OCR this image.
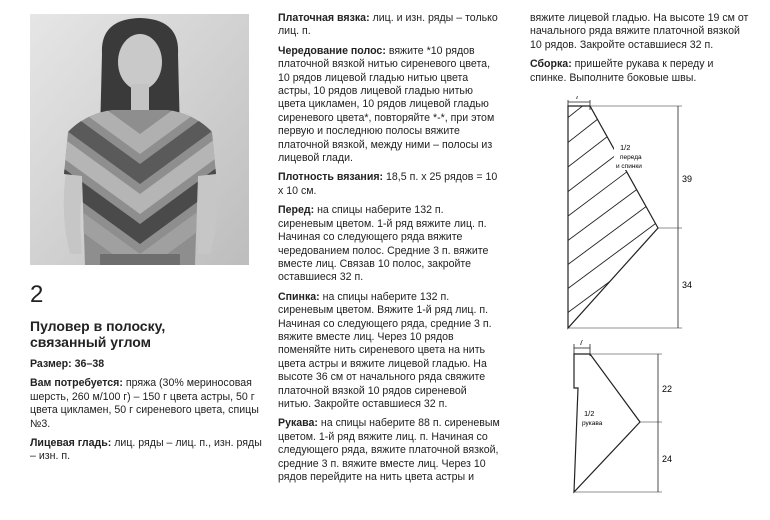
2
Пуловер в полоску,
связанный углом

Размер: 36–38

Вам потребуется: пряжа (30% мериносовая шерсть, 260 м/100 г) – 150 г цвета астры, 50 г цвета цикламен, 50 г сиреневого цвета, спицы №3.

Лицевая гладь: лиц. ряды – лиц. п., изн. ряды – изн. п.

Платочная вязка: лиц. и изн. ряды – только лиц. п.

Чередование полос: вяжите *10 рядов платочной вязкой нитью сиреневого цвета, 10 рядов лицевой гладью нитью цвета астры, 10 рядов лицевой гладью нитью цвета цикламен, 10 рядов лицевой гладью сиреневого цвета*, повторяйте *-*, при этом первую и последнюю полосы вяжите платочной вязкой, между ними – полосы из лицевой глади.

Плотность вязания: 18,5 п. х 25 рядов = 10 х 10 см.

Перед: на спицы наберите 132 п. сиреневым цветом. 1-й ряд вяжите лиц. п. Начиная со следующего ряда вяжите чередованием полос. Средние 3 п. вяжите вместе лиц. Связав 10 полос, закройте оставшиеся 32 п.

Спинка: на спицы наберите 132 п. сиреневым цветом. Вяжите 1-й ряд лиц. п. Начиная со следующего ряда, средние 3 п. вяжите вместе лиц. Через 10 рядов поменяйте нить сиреневого цвета на нить цвета астры и вяжите лицевой гладью. На высоте 36 см от начального ряда свяжите платочной вязкой 10 рядов сиреневой нитью. Закройте оставшиеся 32 п.

Рукава: на спицы наберите 88 п. сиреневым цветом. 1-й ряд вяжите лиц. п. Начиная со следующего ряда, вяжите платочной вязкой, средние 3 п. вяжите вместе лиц. Через 10 рядов перейдите на нить цвета астры и

вяжите лицевой гладью. На высоте 19 см от начального ряда вяжите платочной вязкой 10 рядов. Закройте оставшиеся 32 п.

Сборка: пришейте рукава к переду и спинке. Выполните боковые швы.

7
39
34
1/2
переда
и спинки
7
22
24
1/2
рукава
